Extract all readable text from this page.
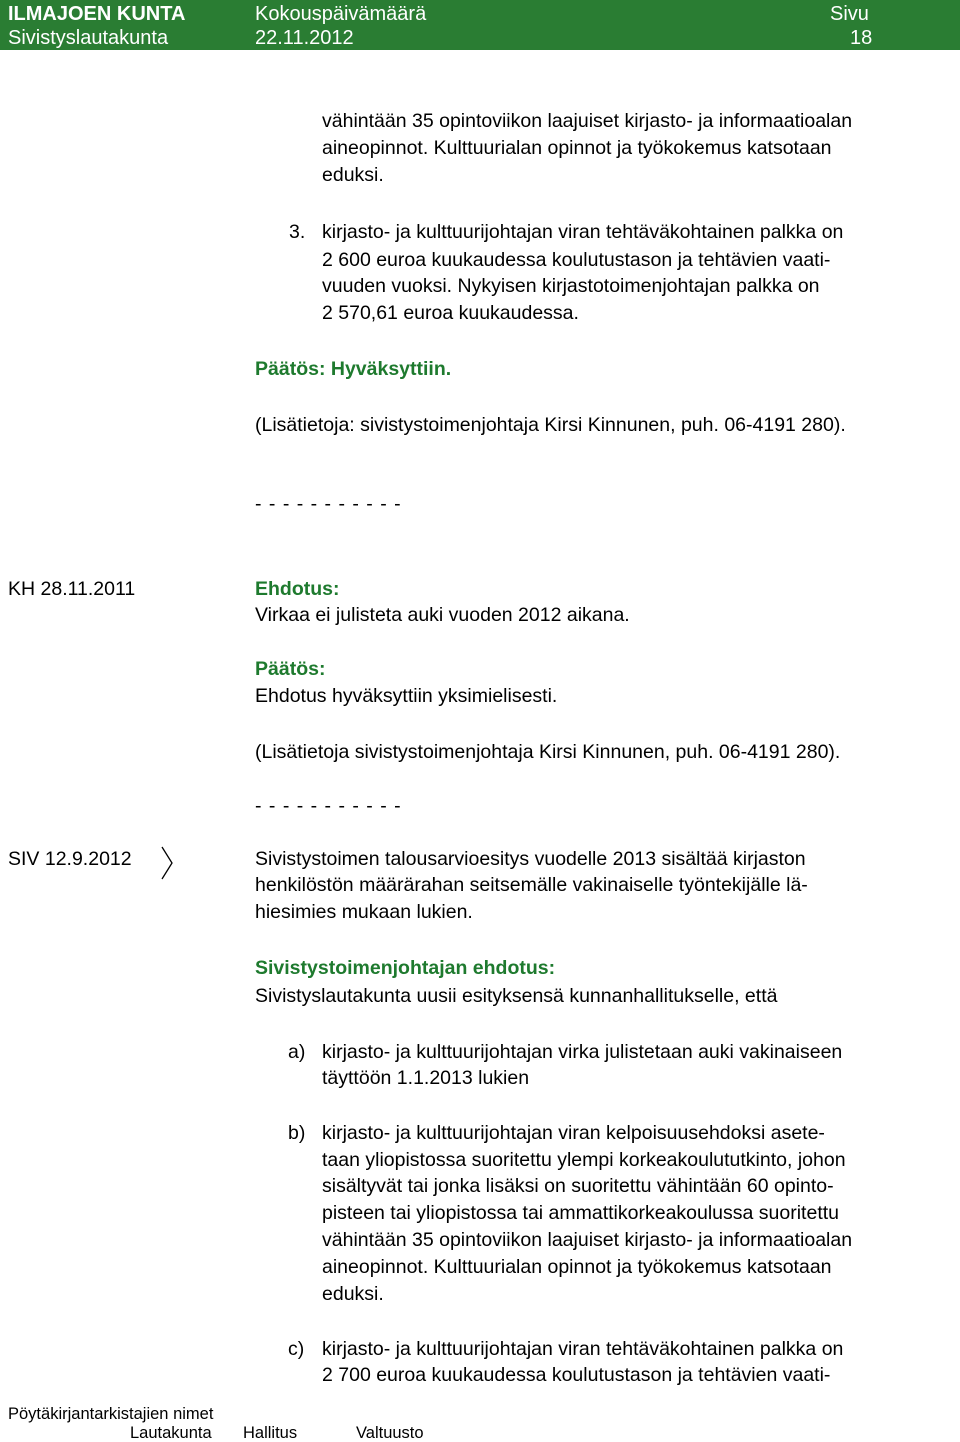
ILMAJOEN KUNTA
Sivistyslautakunta
Kokouspäivämäärä
22.11.2012
Sivu
18
vähintään 35 opintoviikon laajuiset kirjasto- ja informaatioalan
aineopinnot. Kulttuurialan opinnot ja työkokemus katsotaan
eduksi.
3. kirjasto- ja kulttuurijohtajan viran tehtäväkohtainen palkka on
2 600 euroa kuukaudessa koulutustason ja tehtävien vaati-
vuuden vuoksi. Nykyisen kirjastotoimenjohtajan palkka on
2 570,61 euroa kuukaudessa.
Päätös: Hyväksyttiin.
(Lisätietoja: sivistystoimenjohtaja Kirsi Kinnunen, puh. 06-4191 280).
- - - - - - - - - - -
KH 28.11.2011	Ehdotus:
Virkaa ei julisteta auki vuoden 2012 aikana.
Päätös:
Ehdotus hyväksyttiin yksimielisesti.
(Lisätietoja sivistystoimenjohtaja Kirsi Kinnunen, puh. 06-4191 280).
- - - - - - - - - - -
SIV 12.9.2012	Sivistystoimen talousarvioesitys vuodelle 2013 sisältää kirjaston
henkilöstön määrärahan seitsemälle vakinaiselle työntekijälle lä-
hiesimies mukaan lukien.
Sivistystoimenjohtajan ehdotus:
Sivistyslautakunta uusii esityksensä kunnanhallitukselle, että
a) kirjasto- ja kulttuurijohtajan virka julistetaan auki vakinaiseen
täyttöön 1.1.2013 lukien
b) kirjasto- ja kulttuurijohtajan viran kelpoisuusehdoksi asete-
taan yliopistossa suoritettu ylempi korkeakoulututkinto, johon
sisältyvät tai jonka lisäksi on suoritettu vähintään 60 opinto-
pisteen tai yliopistossa tai ammattikorkeakoulussa suoritettu
vähintään 35 opintoviikon laajuiset kirjasto- ja informaatioalan
aineopinnot. Kulttuurialan opinnot ja työkokemus katsotaan
eduksi.
c) kirjasto- ja kulttuurijohtajan viran tehtäväkohtainen palkka on
2 700 euroa kuukaudessa koulutustason ja tehtävien vaati-
Pöytäkirjantarkistajien nimet
Lautakunta Hallitus	Valtuusto
